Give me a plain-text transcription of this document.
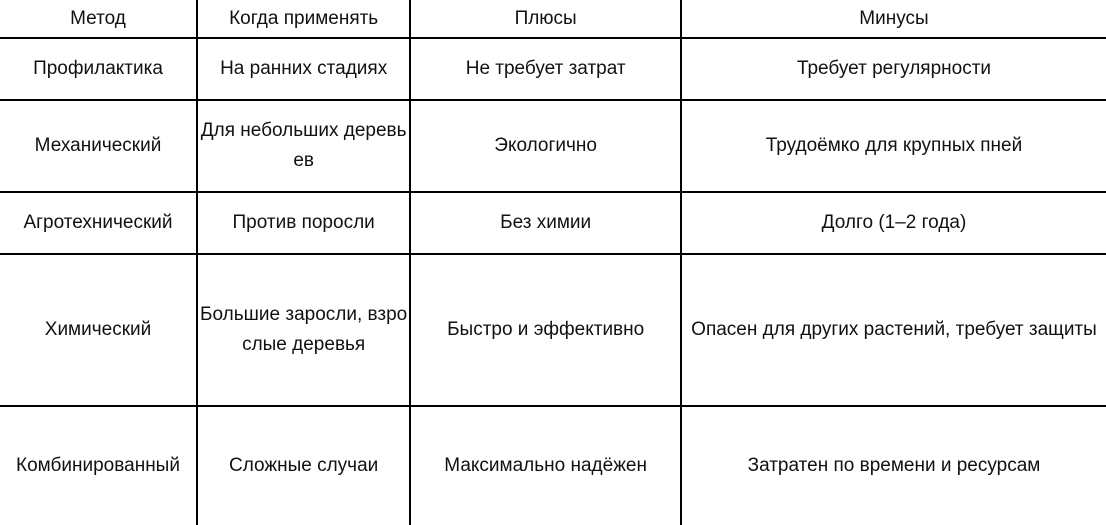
Метод	Когда применять	Плюсы	Минусы
Профилактика	На ранних стадиях	Не требует затрат	Требует регулярности
Механический	Для небольших деревьев	Экологично	Трудоёмко для крупных пней
Агротехнический	Против поросли	Без химии	Долго (1–2 года)
Химический	Большие заросли, взрослые деревья	Быстро и эффективно	Опасен для других растений, требует защиты
Комбинированный	Сложные случаи	Максимально надёжен	Затратен по времени и ресурсам
